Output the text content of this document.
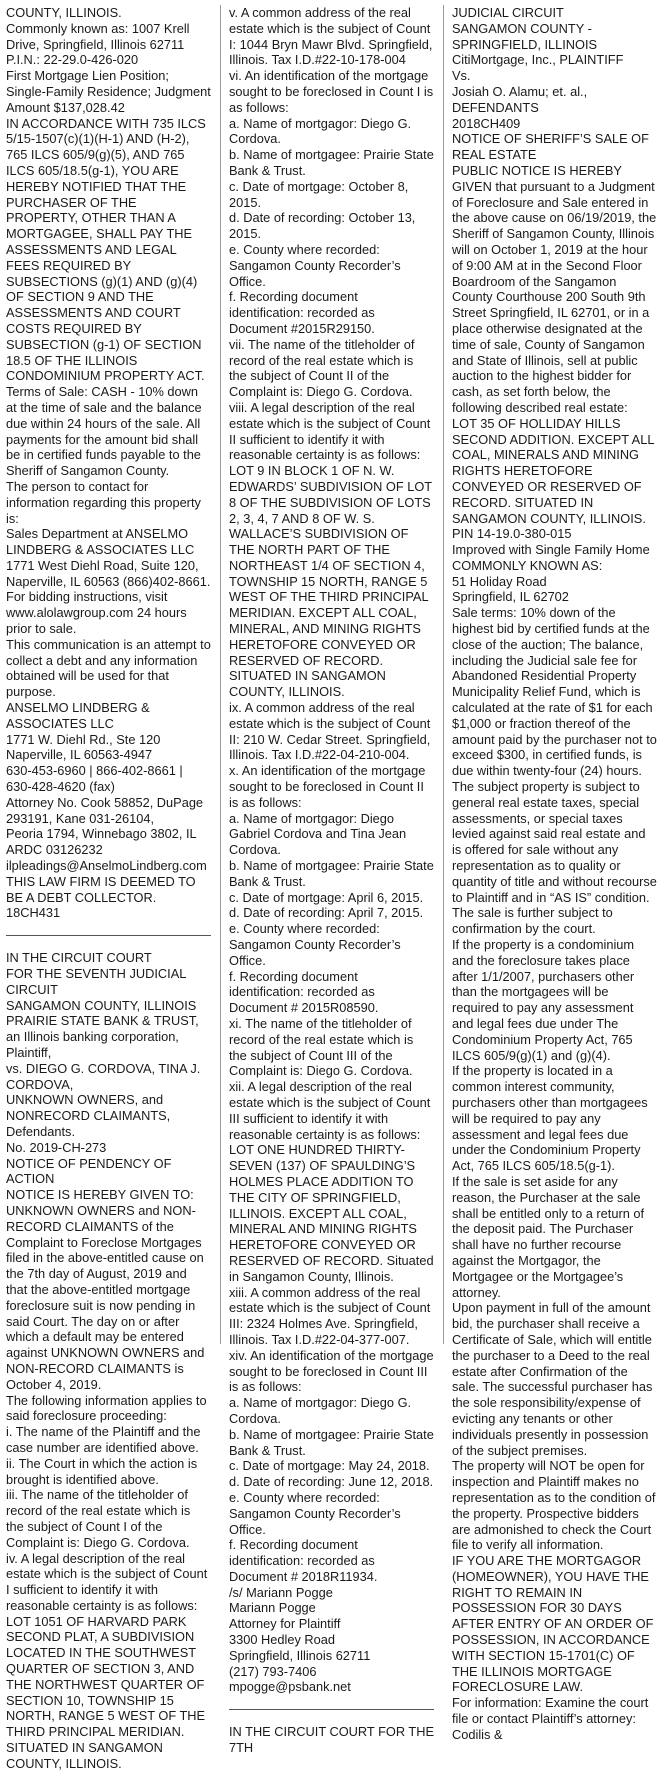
COUNTY, ILLINOIS.
Commonly known as: 1007 Krell Drive, Springfield, Illinois 62711
P.I.N.: 22-29.0-426-020
First Mortgage Lien Position; Single-Family Residence; Judgment Amount $137,028.42
IN ACCORDANCE WITH 735 ILCS 5/15-1507(c)(1)(H-1) AND (H-2), 765 ILCS 605/9(g)(5), AND 765 ILCS 605/18.5(g-1), YOU ARE HEREBY NOTIFIED THAT THE PURCHASER OF THE PROPERTY, OTHER THAN A MORTGAGEE, SHALL PAY THE ASSESSMENTS AND LEGAL FEES REQUIRED BY SUBSECTIONS (g)(1) AND (g)(4) OF SECTION 9 AND THE ASSESSMENTS AND COURT COSTS REQUIRED BY SUBSECTION (g-1) OF SECTION 18.5 OF THE ILLINOIS CONDOMINIUM PROPERTY ACT.
Terms of Sale: CASH - 10% down at the time of sale and the balance due within 24 hours of the sale. All payments for the amount bid shall be in certified funds payable to the Sheriff of Sangamon County.
The person to contact for information regarding this property is:
Sales Department at ANSELMO LINDBERG & ASSOCIATES LLC 1771 West Diehl Road, Suite 120, Naperville, IL 60563 (866)402-8661. For bidding instructions, visit www.alolawgroup.com 24 hours prior to sale.
This communication is an attempt to collect a debt and any information obtained will be used for that purpose.
ANSELMO LINDBERG & ASSOCIATES LLC
1771 W. Diehl Rd., Ste 120
Naperville, IL 60563-4947
630-453-6960 | 866-402-8661 | 630-428-4620 (fax)
Attorney No. Cook 58852, DuPage 293191, Kane 031-26104,
Peoria 1794, Winnebago 3802, IL ARDC 03126232
ilpleadings@AnselmoLindberg.com
THIS LAW FIRM IS DEEMED TO BE A DEBT COLLECTOR.
18CH431

IN THE CIRCUIT COURT
FOR THE SEVENTH JUDICIAL CIRCUIT
SANGAMON COUNTY, ILLINOIS
PRAIRIE STATE BANK & TRUST,
an Illinois banking corporation, Plaintiff,
vs. DIEGO G. CORDOVA, TINA J. CORDOVA,
UNKNOWN OWNERS, and NONRECORD CLAIMANTS, Defendants.
No. 2019-CH-273
NOTICE OF PENDENCY OF ACTION
NOTICE IS HEREBY GIVEN TO: UNKNOWN OWNERS and NON-RECORD CLAIMANTS of the Complaint to Foreclose Mortgages filed in the above-entitled cause on the 7th day of August, 2019 and that the above-entitled mortgage foreclosure suit is now pending in said Court. The day on or after which a default may be entered against UNKNOWN OWNERS and NON-RECORD CLAIMANTS is October 4, 2019.
The following information applies to said foreclosure proceeding:
i. The name of the Plaintiff and the case number are identified above.
ii. The Court in which the action is brought is identified above.
iii. The name of the titleholder of record of the real estate which is the subject of Count I of the Complaint is: Diego G. Cordova.
iv. A legal description of the real estate which is the subject of Count I sufficient to identify it with reasonable certainty is as follows:
LOT 1051 OF HARVARD PARK SECOND PLAT, A SUBDIVISION LOCATED IN THE SOUTHWEST QUARTER OF SECTION 3, AND THE NORTHWEST QUARTER OF SECTION 10, TOWNSHIP 15 NORTH, RANGE 5 WEST OF THE THIRD PRINCIPAL MERIDIAN. SITUATED IN SANGAMON COUNTY, ILLINOIS.

v. A common address of the real estate which is the subject of Count I: 1044 Bryn Mawr Blvd. Springfield, Illinois. Tax I.D.#22-10-178-004
vi. An identification of the mortgage sought to be foreclosed in Count I is as follows:
a. Name of mortgagor: Diego G. Cordova.
b. Name of mortgagee: Prairie State Bank & Trust.
c. Date of mortgage: October 8, 2015.
d. Date of recording: October 13, 2015.
e. County where recorded: Sangamon County Recorder’s Office.
f. Recording document identification: recorded as Document #2015R29150.
vii. The name of the titleholder of record of the real estate which is the subject of Count II of the Complaint is: Diego G. Cordova.
viii. A legal description of the real estate which is the subject of Count II sufficient to identify it with reasonable certainty is as follows:
LOT 9 IN BLOCK 1 OF N. W. EDWARDS’ SUBDIVISION OF LOT 8 OF THE SUBDIVISION OF LOTS 2, 3, 4, 7 AND 8 OF W. S. WALLACE’S SUBDIVISION OF THE NORTH PART OF THE NORTHEAST 1/4 OF SECTION 4, TOWNSHIP 15 NORTH, RANGE 5 WEST OF THE THIRD PRINCIPAL MERIDIAN. EXCEPT ALL COAL, MINERAL, AND MINING RIGHTS HERETOFORE CONVEYED OR RESERVED OF RECORD. SITUATED IN SANGAMON COUNTY, ILLINOIS.
ix. A common address of the real estate which is the subject of Count II: 210 W. Cedar Street. Springfield, Illinois. Tax I.D.#22-04-210-004.
x. An identification of the mortgage sought to be foreclosed in Count II is as follows:
a. Name of mortgagor: Diego Gabriel Cordova and Tina Jean Cordova.
b. Name of mortgagee: Prairie State Bank & Trust.
c. Date of mortgage: April 6, 2015.
d. Date of recording: April 7, 2015.
e. County where recorded: Sangamon County Recorder’s Office.
f. Recording document identification: recorded as Document # 2015R08590.
xi. The name of the titleholder of record of the real estate which is the subject of Count III of the Complaint is: Diego G. Cordova.
xii. A legal description of the real estate which is the subject of Count III sufficient to identify it with reasonable certainty is as follows:
LOT ONE HUNDRED THIRTY-SEVEN (137) OF SPAULDING’S HOLMES PLACE ADDITION TO THE CITY OF SPRINGFIELD, ILLINOIS. EXCEPT ALL COAL, MINERAL AND MINING RIGHTS HERETOFORE CONVEYED OR RESERVED OF RECORD. Situated in Sangamon County, Illinois.
xiii. A common address of the real estate which is the subject of Count III: 2324 Holmes Ave. Springfield, Illinois. Tax I.D.#22-04-377-007.
xiv. An identification of the mortgage sought to be foreclosed in Count III is as follows:
a. Name of mortgagor: Diego G. Cordova.
b. Name of mortgagee: Prairie State Bank & Trust.
c. Date of mortgage: May 24, 2018.
d. Date of recording: June 12, 2018.
e. County where recorded: Sangamon County Recorder’s Office.
f. Recording document identification: recorded as Document # 2018R11934.
/s/ Mariann Pogge
Mariann Pogge
Attorney for Plaintiff
3300 Hedley Road
Springfield, Illinois 62711
(217) 793-7406
mpogge@psbank.net

IN THE CIRCUIT COURT FOR THE 7TH

JUDICIAL CIRCUIT
SANGAMON COUNTY - SPRINGFIELD, ILLINOIS
CitiMortgage, Inc., PLAINTIFF
Vs.
Josiah O. Alamu; et. al., DEFENDANTS
2018CH409
NOTICE OF SHERIFF’S SALE OF REAL ESTATE
PUBLIC NOTICE IS HEREBY GIVEN that pursuant to a Judgment of Foreclosure and Sale entered in the above cause on 06/19/2019, the Sheriff of Sangamon County, Illinois will on October 1, 2019 at the hour of 9:00 AM at in the Second Floor Boardroom of the Sangamon County Courthouse 200 South 9th Street Springfield, IL 62701, or in a place otherwise designated at the time of sale, County of Sangamon and State of Illinois, sell at public auction to the highest bidder for cash, as set forth below, the following described real estate:
LOT 35 OF HOLLIDAY HILLS SECOND ADDITION. EXCEPT ALL COAL, MINERALS AND MINING RIGHTS HERETOFORE CONVEYED OR RESERVED OF RECORD. SITUATED IN SANGAMON COUNTY, ILLINOIS.
PIN 14-19.0-380-015
Improved with Single Family Home
COMMONLY KNOWN AS:
51 Holiday Road
Springfield, IL 62702
Sale terms: 10% down of the highest bid by certified funds at the close of the auction; The balance, including the Judicial sale fee for Abandoned Residential Property Municipality Relief Fund, which is calculated at the rate of $1 for each $1,000 or fraction thereof of the amount paid by the purchaser not to exceed $300, in certified funds, is due within twenty-four (24) hours. The subject property is subject to general real estate taxes, special assessments, or special taxes levied against said real estate and is offered for sale without any representation as to quality or quantity of title and without recourse to Plaintiff and in “AS IS” condition. The sale is further subject to confirmation by the court.
If the property is a condominium and the foreclosure takes place after 1/1/2007, purchasers other than the mortgagees will be required to pay any assessment and legal fees due under The Condominium Property Act, 765 ILCS 605/9(g)(1) and (g)(4).
If the property is located in a common interest community, purchasers other than mortgagees will be required to pay any assessment and legal fees due under the Condominium Property Act, 765 ILCS 605/18.5(g-1).
If the sale is set aside for any reason, the Purchaser at the sale shall be entitled only to a return of the deposit paid. The Purchaser shall have no further recourse against the Mortgagor, the Mortgagee or the Mortgagee’s attorney.
Upon payment in full of the amount bid, the purchaser shall receive a Certificate of Sale, which will entitle the purchaser to a Deed to the real estate after Confirmation of the sale. The successful purchaser has the sole responsibility/expense of evicting any tenants or other individuals presently in possession of the subject premises.
The property will NOT be open for inspection and Plaintiff makes no representation as to the condition of the property. Prospective bidders are admonished to check the Court file to verify all information.
IF YOU ARE THE MORTGAGOR (HOMEOWNER), YOU HAVE THE RIGHT TO REMAIN IN POSSESSION FOR 30 DAYS AFTER ENTRY OF AN ORDER OF POSSESSION, IN ACCORDANCE WITH SECTION 15-1701(C) OF THE ILLINOIS MORTGAGE FORECLOSURE LAW.
For information: Examine the court file or contact Plaintiff’s attorney: Codilis &
